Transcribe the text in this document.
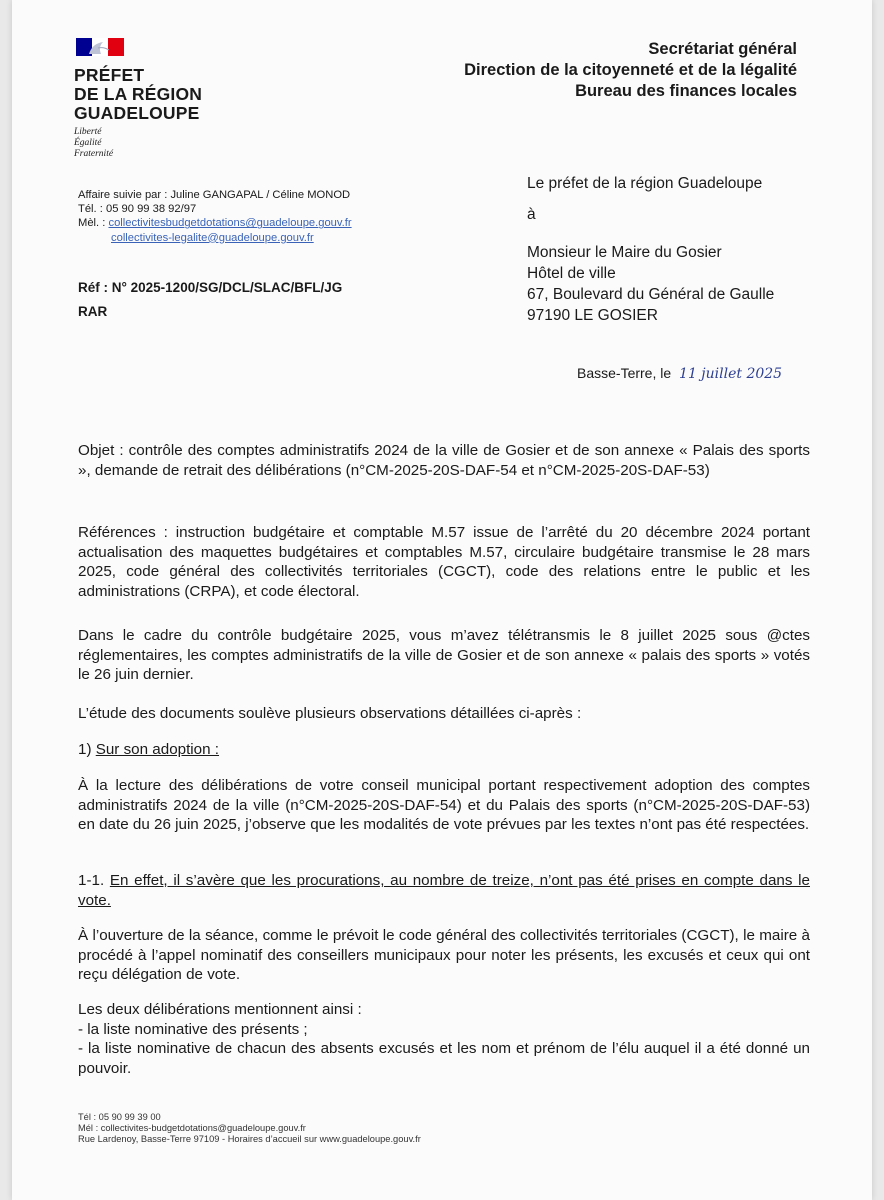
PRÉFET
DE LA RÉGION
GUADELOUPE
Liberté
Égalité
Fraternité
Secrétariat général
Direction de la citoyenneté et de la légalité
Bureau des finances locales
Affaire suivie par : Juline GANGAPAL / Céline MONOD
Tél. : 05 90 99 38 92/97
Mèl. : collectivitesbudgetdotations@guadeloupe.gouv.fr
collectivites-legalite@guadeloupe.gouv.fr
Réf : N° 2025-1200/SG/DCL/SLAC/BFL/JG
RAR
Le préfet de la région Guadeloupe
à
Monsieur le Maire du Gosier
Hôtel de ville
67, Boulevard du Général de Gaulle
97190 LE GOSIER
Basse-Terre, le 11 juillet 2025
Objet : contrôle des comptes administratifs 2024 de la ville de Gosier et de son annexe « Palais des sports », demande de retrait des délibérations (n°CM-2025-20S-DAF-54 et n°CM-2025-20S-DAF-53)
Références : instruction budgétaire et comptable M.57 issue de l’arrêté du 20 décembre 2024 portant actualisation des maquettes budgétaires et comptables M.57, circulaire budgétaire transmise le 28 mars 2025, code général des collectivités territoriales (CGCT), code des relations entre le public et les administrations (CRPA), et code électoral.
Dans le cadre du contrôle budgétaire 2025, vous m’avez télétransmis le 8 juillet 2025 sous @ctes réglementaires, les comptes administratifs de la ville de Gosier et de son annexe « palais des sports » votés le 26 juin dernier.
L’étude des documents soulève plusieurs observations détaillées ci-après :
1) Sur son adoption :
À la lecture des délibérations de votre conseil municipal portant respectivement adoption des comptes administratifs 2024 de la ville (n°CM-2025-20S-DAF-54) et du Palais des sports (n°CM-2025-20S-DAF-53) en date du 26 juin 2025, j’observe que les modalités de vote prévues par les textes n’ont pas été respectées.
1-1. En effet, il s’avère que les procurations, au nombre de treize, n’ont pas été prises en compte dans le vote.
À l’ouverture de la séance, comme le prévoit le code général des collectivités territoriales (CGCT), le maire à procédé à l’appel nominatif des conseillers municipaux pour noter les présents, les excusés et ceux qui ont reçu délégation de vote.
Les deux délibérations mentionnent ainsi :
- la liste nominative des présents ;
- la liste nominative de chacun des absents excusés et les nom et prénom de l’élu auquel il a été donné un pouvoir.
Tél : 05 90 99 39 00
Mél : collectivites-budgetdotations@guadeloupe.gouv.fr
Rue Lardenoy, Basse-Terre 97109 - Horaires d’accueil sur www.guadeloupe.gouv.fr
